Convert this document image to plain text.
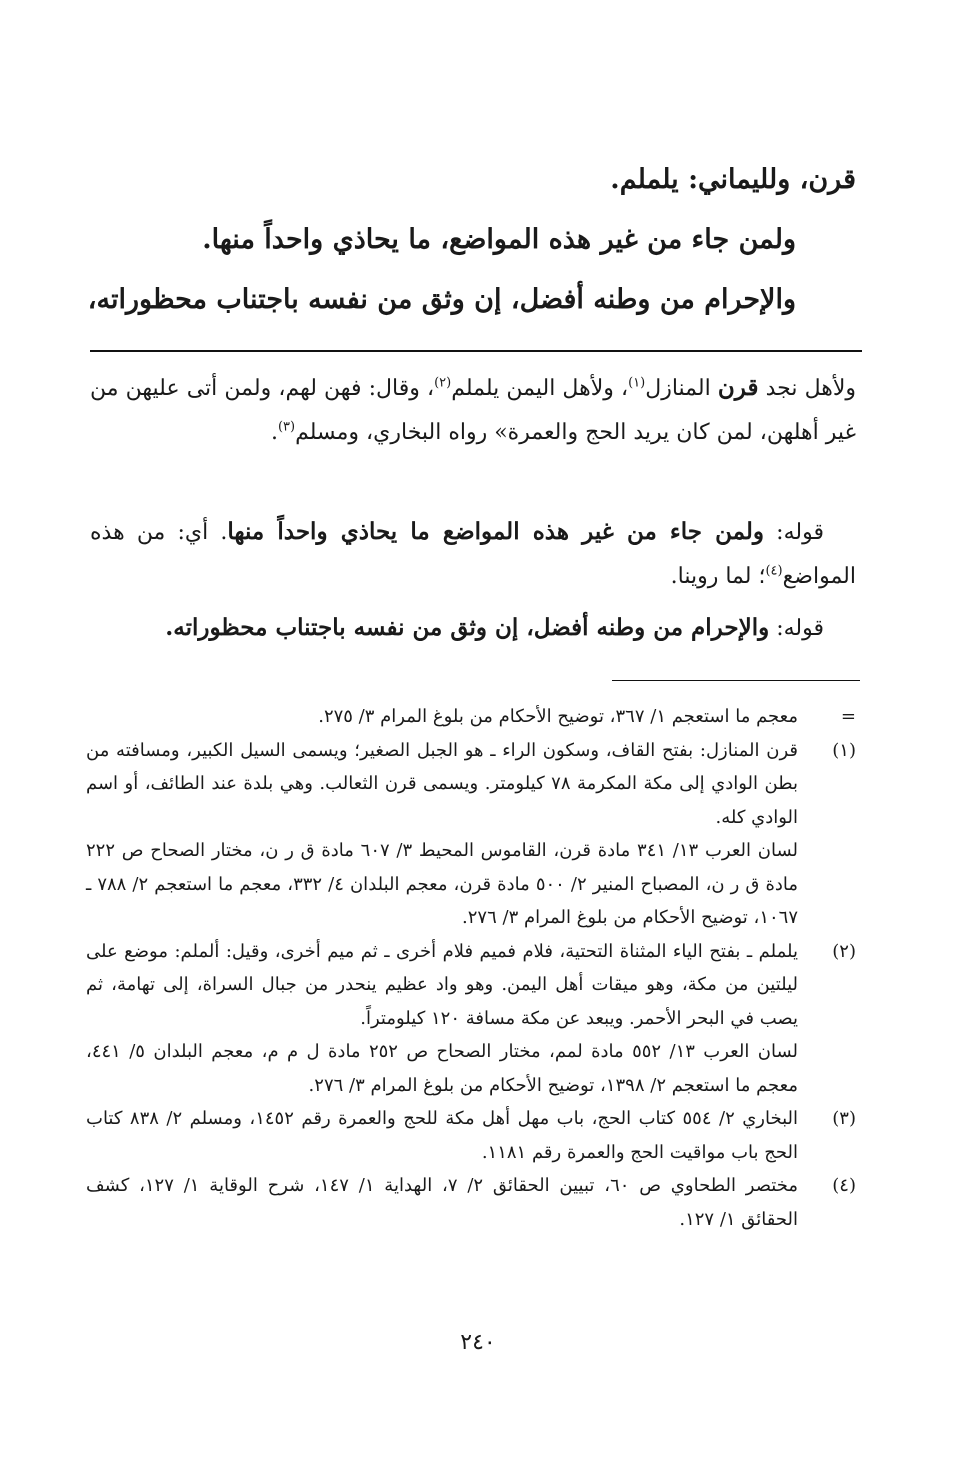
قرن، ولليماني: يلملم.
ولمن جاء من غير هذه المواضع، ما يحاذي واحداً منها.
والإحرام من وطنه أفضل، إن وثق من نفسه باجتناب محظوراته،
ولأهل نجد قرن المنازل$^{(١)}$، ولأهل اليمن يلملم$^{(٢)}$، وقال: فهن لهم، ولمن أتى عليهن من غير أهلهن، لمن كان يريد الحج والعمرة» رواه البخاري، ومسلم$^{(٣)}$.
قوله: ولمن جاء من غير هذه المواضع ما يحاذي واحداً منها. أي: من هذه المواضع$^{(٤)}$؛ لما روينا.
قوله: والإحرام من وطنه أفضل، إن وثق من نفسه باجتناب محظوراته.
=

معجم ما استعجم ١/ ٣٦٧، توضيح الأحكام من بلوغ المرام ٣/ ٢٧٥.

(١)

قرن المنازل: بفتح القاف، وسكون الراء ـ هو الجبل الصغير؛ ويسمى السيل الكبير، ومسافته من بطن الوادي إلى مكة المكرمة ٧٨ كيلومتر. ويسمى قرن الثعالب. وهي بلدة عند الطائف، أو اسم الوادي كله.

لسان العرب ١٣/ ٣٤١ مادة قرن، القاموس المحيط ٣/ ٦٠٧ مادة ق ر ن، مختار الصحاح ص ٢٢٢ مادة ق ر ن، المصباح المنير ٢/ ٥٠٠ مادة قرن، معجم البلدان ٤/ ٣٣٢، معجم ما استعجم ٢/ ٧٨٨ ـ ١٠٦٧، توضيح الأحكام من بلوغ المرام ٣/ ٢٧٦.

(٢)

يلملم ـ بفتح الياء المثناة التحتية، فلام فميم فلام أخرى ـ ثم ميم أخرى، وقيل: ألملم: موضع على ليلتين من مكة، وهو ميقات أهل اليمن. وهو واد عظيم ينحدر من جبال السراة، إلى تهامة، ثم يصب في البحر الأحمر. ويبعد عن مكة مسافة ١٢٠ كيلومتراً.

لسان العرب ١٣/ ٥٥٢ مادة لمم، مختار الصحاح ص ٢٥٢ مادة ل م م، معجم البلدان ٥/ ٤٤١، معجم ما استعجم ٢/ ١٣٩٨، توضيح الأحكام من بلوغ المرام ٣/ ٢٧٦.

(٣)

البخاري ٢/ ٥٥٤ كتاب الحج، باب مهل أهل مكة للحج والعمرة رقم ١٤٥٢، ومسلم ٢/ ٨٣٨ كتاب الحج باب مواقيت الحج والعمرة رقم ١١٨١.

(٤)

مختصر الطحاوي ص ٦٠، تبيين الحقائق ٢/ ٧، الهداية ١/ ١٤٧، شرح الوقاية ١/ ١٢٧، كشف الحقائق ١/ ١٢٧.

٢٤٠
